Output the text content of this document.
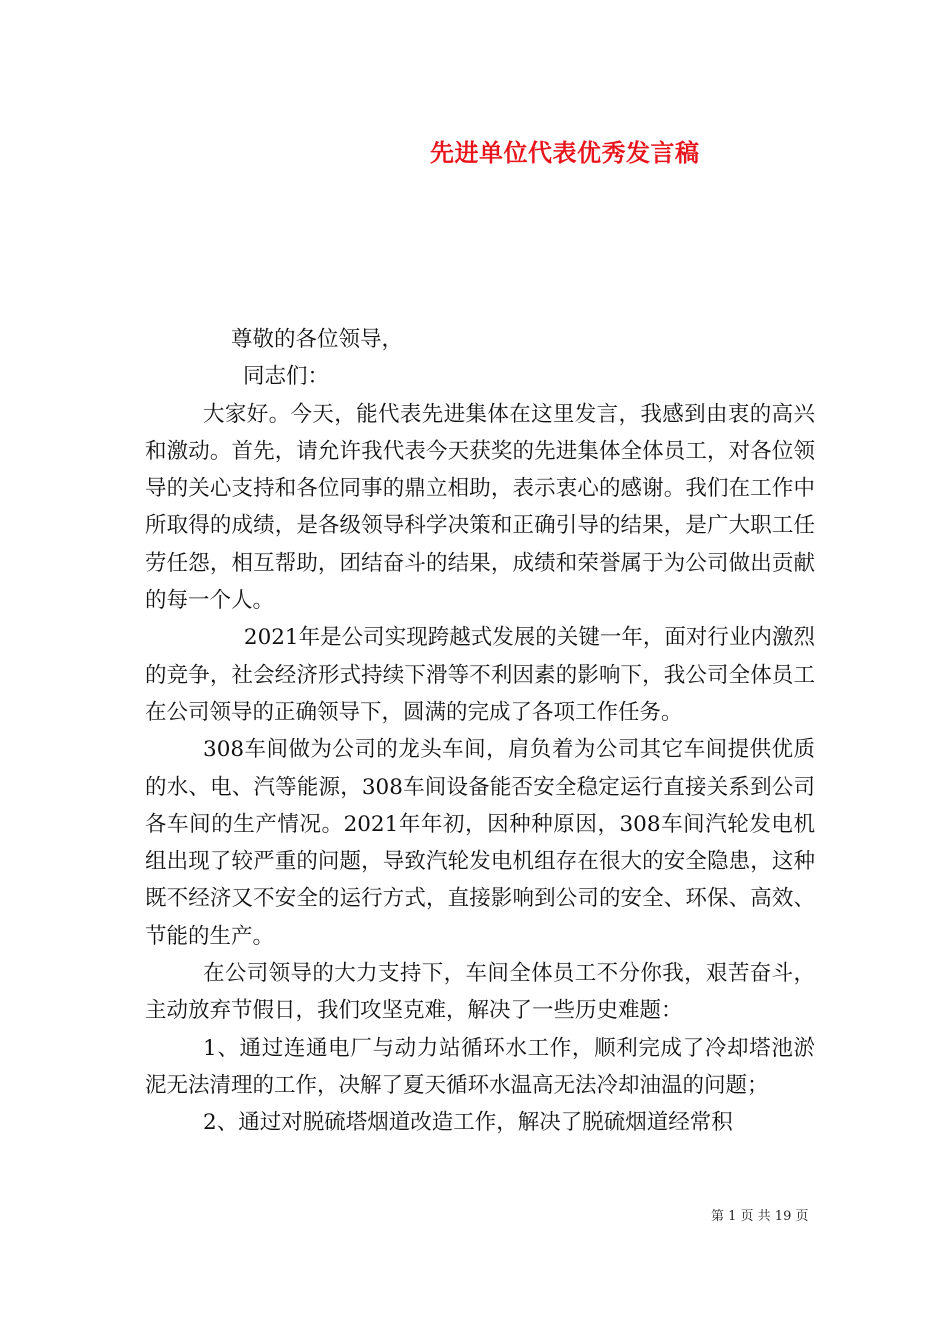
先进单位代表优秀发言稿

尊敬的各位领导，

同志们：

大家好。今天，能代表先进集体在这里发言，我感到由衷的高兴和激动。首先，请允许我代表今天获奖的先进集体全体员工，对各位领导的关心支持和各位同事的鼎立相助，表示衷心的感谢。我们在工作中所取得的成绩，是各级领导科学决策和正确引导的结果，是广大职工任劳任怨，相互帮助，团结奋斗的结果，成绩和荣誉属于为公司做出贡献的每一个人。

2021年是公司实现跨越式发展的关键一年，面对行业内激烈的竞争，社会经济形式持续下滑等不利因素的影响下，我公司全体员工在公司领导的正确领导下，圆满的完成了各项工作任务。

308车间做为公司的龙头车间，肩负着为公司其它车间提供优质的水、电、汽等能源，308车间设备能否安全稳定运行直接关系到公司各车间的生产情况。2021年年初，因种种原因，308车间汽轮发电机组出现了较严重的问题，导致汽轮发电机组存在很大的安全隐患，这种既不经济又不安全的运行方式，直接影响到公司的安全、环保、高效、节能的生产。

在公司领导的大力支持下，车间全体员工不分你我，艰苦奋斗，主动放弃节假日，我们攻坚克难，解决了一些历史难题：

1、通过连通电厂与动力站循环水工作，顺利完成了冷却塔池淤泥无法清理的工作，决解了夏天循环水温高无法冷却油温的问题；

2、通过对脱硫塔烟道改造工作，解决了脱硫烟道经常积

第 1 页 共 19 页
